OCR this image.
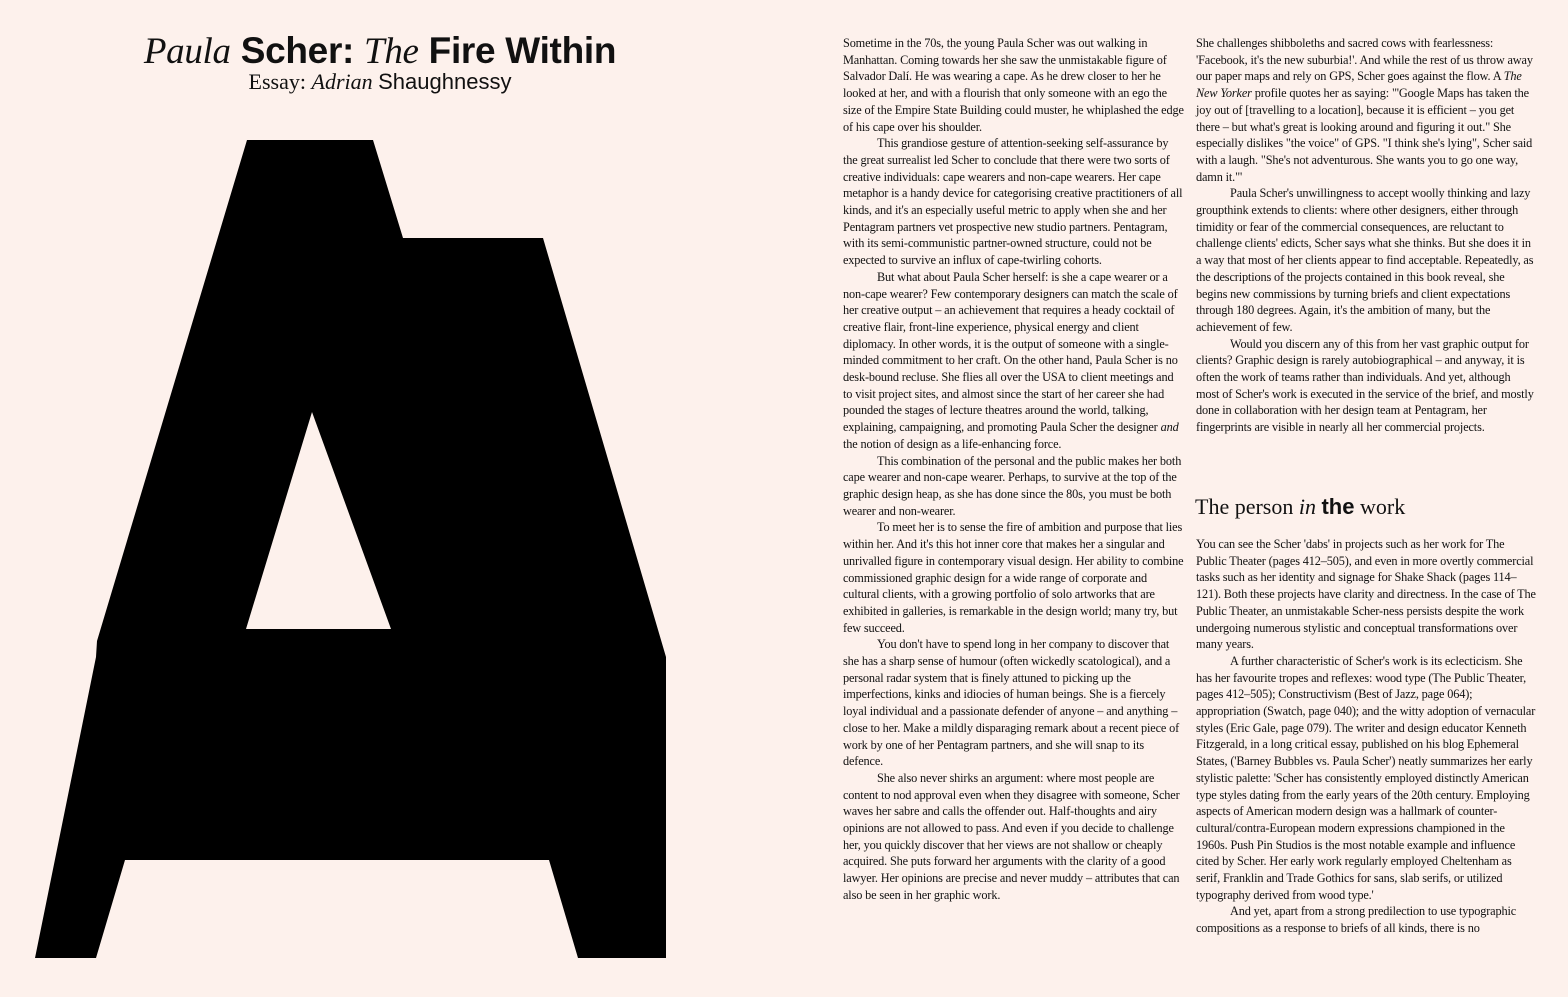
Paula Scher: The Fire Within
Essay: Adrian Shaughnessy

Sometime in the 70s, the young Paula Scher was out walking in Manhattan. Coming towards her she saw the unmistakable figure of Salvador Dalí. He was wearing a cape. As he drew closer to her he looked at her, and with a flourish that only someone with an ego the size of the Empire State Building could muster, he whiplashed the edge of his cape over his shoulder.

This grandiose gesture of attention-seeking self-assurance by the great surrealist led Scher to conclude that there were two sorts of creative individuals: cape wearers and non-cape wearers. Her cape metaphor is a handy device for categorising creative practitioners of all kinds, and it's an especially useful metric to apply when she and her Pentagram partners vet prospective new studio partners. Pentagram, with its semi-communistic partner-owned structure, could not be expected to survive an influx of cape-twirling cohorts.

But what about Paula Scher herself: is she a cape wearer or a non-cape wearer? Few contemporary designers can match the scale of her creative output – an achievement that requires a heady cocktail of creative flair, front-line experience, physical energy and client diplomacy. In other words, it is the output of someone with a single-minded commitment to her craft. On the other hand, Paula Scher is no desk-bound recluse. She flies all over the USA to client meetings and to visit project sites, and almost since the start of her career she had pounded the stages of lecture theatres around the world, talking, explaining, campaigning, and promoting Paula Scher the designer and the notion of design as a life-enhancing force.

This combination of the personal and the public makes her both cape wearer and non-cape wearer. Perhaps, to survive at the top of the graphic design heap, as she has done since the 80s, you must be both wearer and non-wearer.

To meet her is to sense the fire of ambition and purpose that lies within her. And it's this hot inner core that makes her a singular and unrivalled figure in contemporary visual design. Her ability to combine commissioned graphic design for a wide range of corporate and cultural clients, with a growing portfolio of solo artworks that are exhibited in galleries, is remarkable in the design world; many try, but few succeed.

You don't have to spend long in her company to discover that she has a sharp sense of humour (often wickedly scatological), and a personal radar system that is finely attuned to picking up the imperfections, kinks and idiocies of human beings. She is a fiercely loyal individual and a passionate defender of anyone – and anything – close to her. Make a mildly disparaging remark about a recent piece of work by one of her Pentagram partners, and she will snap to its defence.

She also never shirks an argument: where most people are content to nod approval even when they disagree with someone, Scher waves her sabre and calls the offender out. Half-thoughts and airy opinions are not allowed to pass. And even if you decide to challenge her, you quickly discover that her views are not shallow or cheaply acquired. She puts forward her arguments with the clarity of a good lawyer. Her opinions are precise and never muddy – attributes that can also be seen in her graphic work.

She challenges shibboleths and sacred cows with fearlessness: 'Facebook, it's the new suburbia!'. And while the rest of us throw away our paper maps and rely on GPS, Scher goes against the flow. A The New Yorker profile quotes her as saying: "'Google Maps has taken the joy out of [travelling to a location], because it is efficient – you get there – but what's great is looking around and figuring it out." She especially dislikes "the voice" of GPS. "I think she's lying", Scher said with a laugh. "She's not adventurous. She wants you to go one way, damn it."'

Paula Scher's unwillingness to accept woolly thinking and lazy groupthink extends to clients: where other designers, either through timidity or fear of the commercial consequences, are reluctant to challenge clients' edicts, Scher says what she thinks. But she does it in a way that most of her clients appear to find acceptable. Repeatedly, as the descriptions of the projects contained in this book reveal, she begins new commissions by turning briefs and client expectations through 180 degrees. Again, it's the ambition of many, but the achievement of few.

Would you discern any of this from her vast graphic output for clients? Graphic design is rarely autobiographical – and anyway, it is often the work of teams rather than individuals. And yet, although most of Scher's work is executed in the service of the brief, and mostly done in collaboration with her design team at Pentagram, her fingerprints are visible in nearly all her commercial projects.

The person in the work

You can see the Scher 'dabs' in projects such as her work for The Public Theater (pages 412–505), and even in more overtly commercial tasks such as her identity and signage for Shake Shack (pages 114–121). Both these projects have clarity and directness. In the case of The Public Theater, an unmistakable Scher-ness persists despite the work undergoing numerous stylistic and conceptual transformations over many years.

A further characteristic of Scher's work is its eclecticism. She has her favourite tropes and reflexes: wood type (The Public Theater, pages 412–505); Constructivism (Best of Jazz, page 064); appropriation (Swatch, page 040); and the witty adoption of vernacular styles (Eric Gale, page 079). The writer and design educator Kenneth Fitzgerald, in a long critical essay, published on his blog Ephemeral States, ('Barney Bubbles vs. Paula Scher') neatly summarizes her early stylistic palette: 'Scher has consistently employed distinctly American type styles dating from the early years of the 20th century. Employing aspects of American modern design was a hallmark of counter-cultural/contra-European modern expressions championed in the 1960s. Push Pin Studios is the most notable example and influence cited by Scher. Her early work regularly employed Cheltenham as serif, Franklin and Trade Gothics for sans, slab serifs, or utilized typography derived from wood type.'

And yet, apart from a strong predilection to use typographic compositions as a response to briefs of all kinds, there is no
